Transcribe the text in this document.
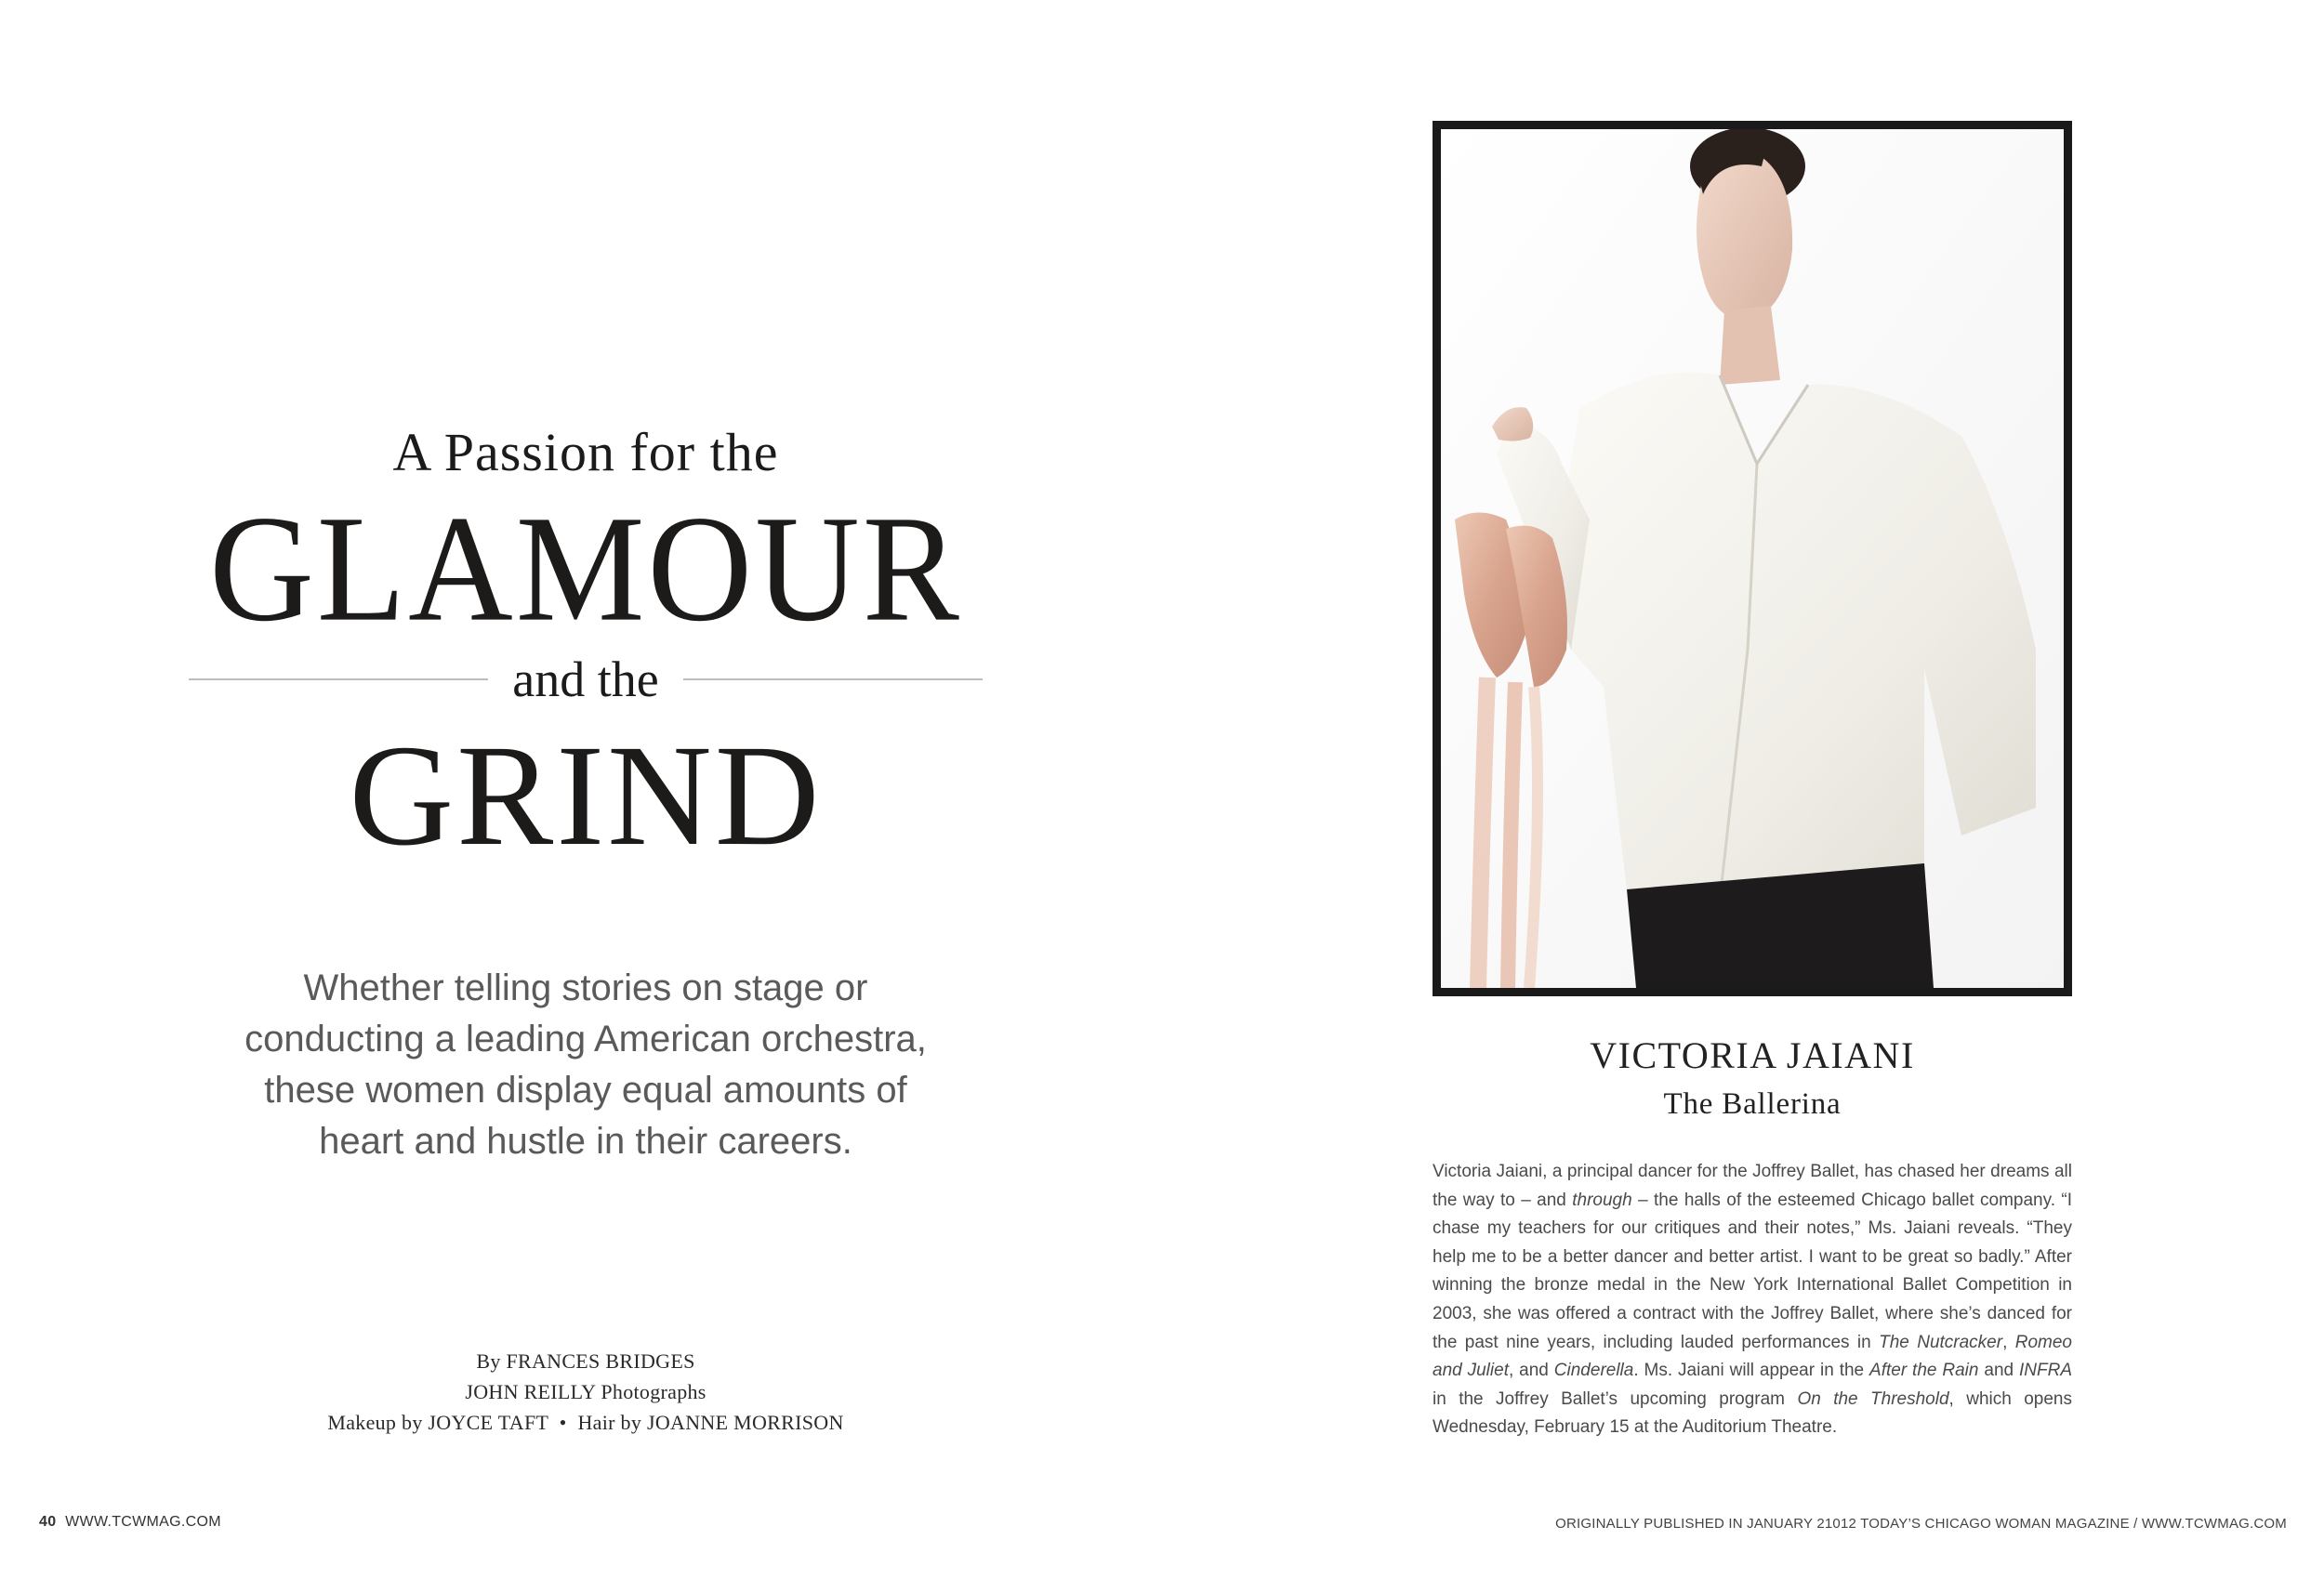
A Passion for the
GLAMOUR
and the
GRIND
Whether telling stories on stage or
conducting a leading American orchestra,
these women display equal amounts of
heart and hustle in their careers.
By FRANCES BRIDGES
JOHN REILLY Photographs
Makeup by JOYCE TAFT • Hair by JOANNE MORRISON
40 WWW.TCWMAG.COM
VICTORIA JAIANI
The Ballerina
Victoria Jaiani, a principal dancer for the Joffrey Ballet, has chased her dreams all the way to – and through – the halls of the esteemed Chicago ballet company. “I chase my teachers for our critiques and their notes,” Ms. Jaiani reveals. “They help me to be a better dancer and better artist. I want to be great so badly.” After winning the bronze medal in the New York International Ballet Competition in 2003, she was offered a contract with the Joffrey Ballet, where she’s danced for the past nine years, including lauded performances in The Nutcracker, Romeo and Juliet, and Cinderella. Ms. Jaiani will appear in the After the Rain and INFRA in the Joffrey Ballet’s upcoming program On the Threshold, which opens Wednesday, February 15 at the Auditorium Theatre.
ORIGINALLY PUBLISHED IN JANUARY 21012 TODAY’S CHICAGO WOMAN MAGAZINE / WWW.TCWMAG.COM
